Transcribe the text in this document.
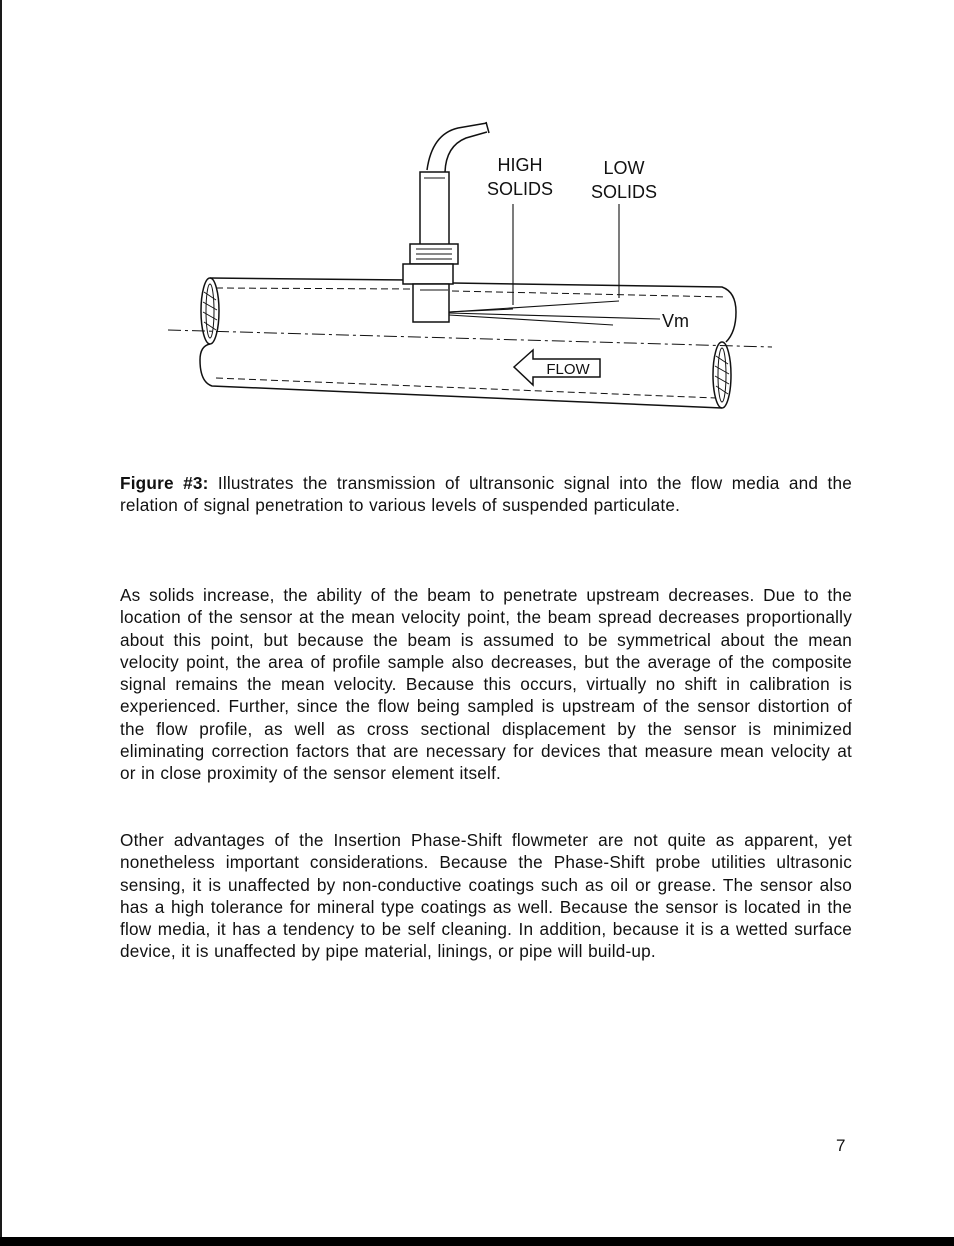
FLOW
HIGH
SOLIDS
LOW
SOLIDS
Vm

Figure #3: Illustrates the transmission of ultransonic signal into the flow media and the relation of signal penetration to various levels of suspended particulate.

As solids increase, the ability of the beam to penetrate upstream decreases. Due to the location of the sensor at the mean velocity point, the beam spread decreases proportionally about this point, but because the beam is assumed to be symmetrical about the mean velocity point, the area of profile sample also decreases, but the average of the composite signal remains the mean velocity. Because this occurs, virtually no shift in calibration is experienced. Further, since the flow being sampled is upstream of the sensor distortion of the flow profile, as well as cross sectional displacement by the sensor is minimized eliminating correction factors that are necessary for devices that measure mean velocity at or in close proximity of the sensor element itself.

Other advantages of the Insertion Phase-Shift flowmeter are not quite as apparent, yet nonetheless important considerations. Because the Phase-Shift probe utilities ultrasonic sensing, it is unaffected by non-conductive coatings such as oil or grease. The sensor also has a high tolerance for mineral type coatings as well. Because the sensor is located in the flow media, it has a tendency to be self cleaning. In addition, because it is a wetted surface device, it is unaffected by pipe material, linings, or pipe will build-up.

7
